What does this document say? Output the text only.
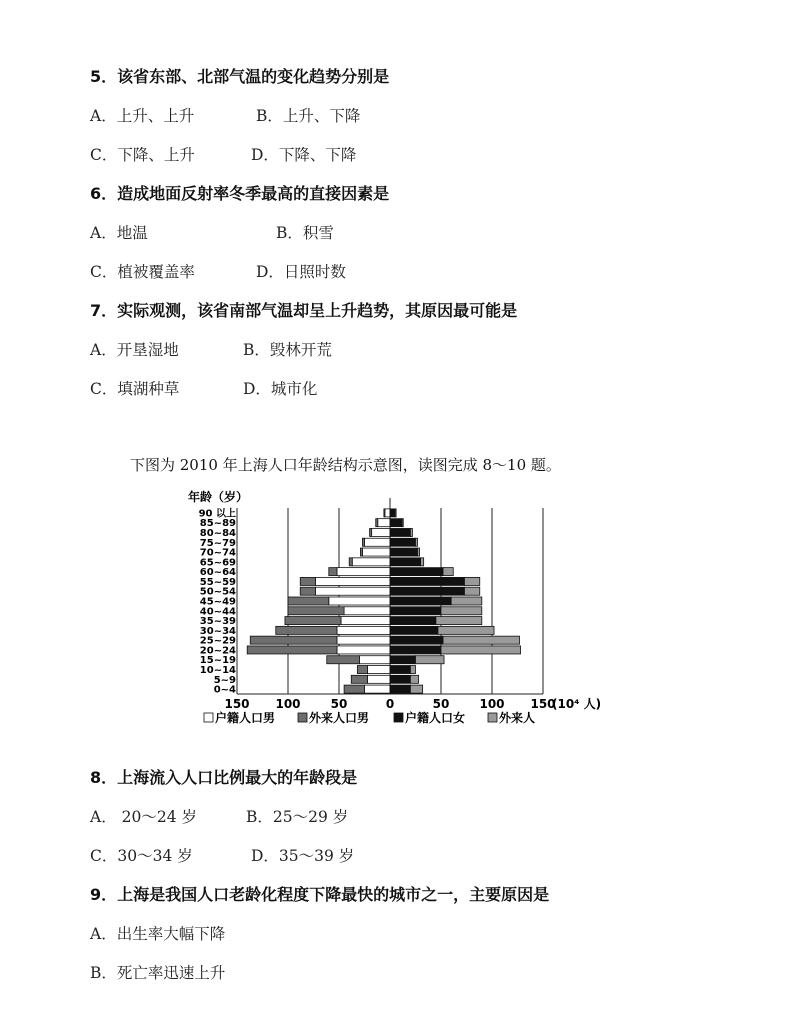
5．该省东部、北部气温的变化趋势分别是
A．上升、上升	B．上升、下降
C．下降、上升	D．下降、下降
6．造成地面反射率冬季最高的直接因素是
A．地温	B．积雪
C．植被覆盖率	D．日照时数
7．实际观测，该省南部气温却呈上升趋势，其原因最可能是
A．开垦湿地	B．毁林开荒
C．填湖种草	D．城市化
下图为 2010 年上海人口年龄结构示意图，读图完成 8～10 题。
0~4
5~9
10~14
15~19
20~24
25~29
30~34
35~39
40~44
45~49
50~54
55~59
60~64
65~69
70~74
75~79
80~84
85~89
90 以上
150 100	50	0	50	100 150
年龄（岁）
(10⁴ 人)
户籍人口男	外来人口男	户籍人口女	外来人
8．上海流入人口比例最大的年龄段是
A． 20～24 岁	B．25～29 岁
C．30～34 岁	D．35～39 岁
9．上海是我国人口老龄化程度下降最快的城市之一，主要原因是
A．出生率大幅下降
B．死亡率迅速上升
